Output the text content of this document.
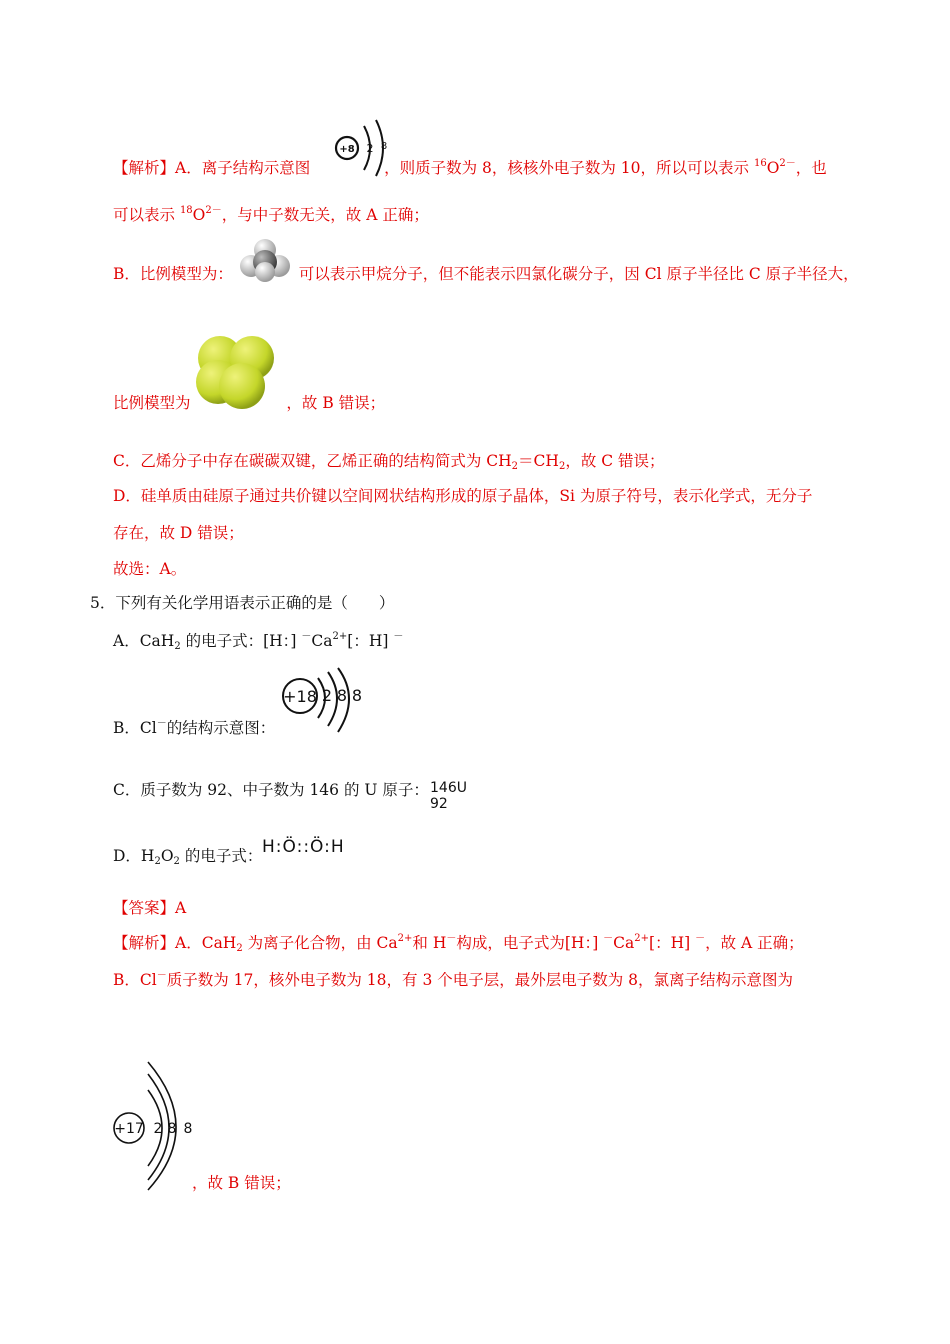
【解析】A．离子结构示意图	，则质子数为 8，核核外电子数为 10，所以可以表示 $^{16}O^{2-}$，也
+8 2 8
可以表示 $^{18}O^{2-}$，与中子数无关，故 A 正确；
B．比例模型为：	可以表示甲烷分子，但不能表示四氯化碳分子，因 Cl 原子半径比 C 原子半径大，
比例模型为	，故 B 错误；
C．乙烯分子中存在碳碳双键，乙烯正确的结构简式为 $CH_2=CH_2$，故 C 错误；
D．硅单质由硅原子通过共价键以空间网状结构形成的原子晶体，Si 为原子符号，表示化学式，无分子
存在，故 D 错误；
故选：A。
5．下列有关化学用语表示正确的是（　　）
A．CaH$_2$ 的电子式：[H：] $^-Ca^{2+}$[：H] －
B．Cl－的结构示意图：
+18 2 8 8
C．质子数为 92、中子数为 146 的 U 原子： 146U
92
D．$H_2O_2$ 的电子式： H:Ö::Ö:H
【答案】A
【解析】A．CaH$_2$ 为离子化合物，由 $Ca^{2+}$和 H－构成，电子式为[H：] $^-Ca^{2+}$[：H] －，故 A 正确；
B．Cl－质子数为 17，核外电子数为 18，有 3 个电子层，最外层电子数为 8，氯离子结构示意图为
+17 2 8 8
，故 B 错误；
